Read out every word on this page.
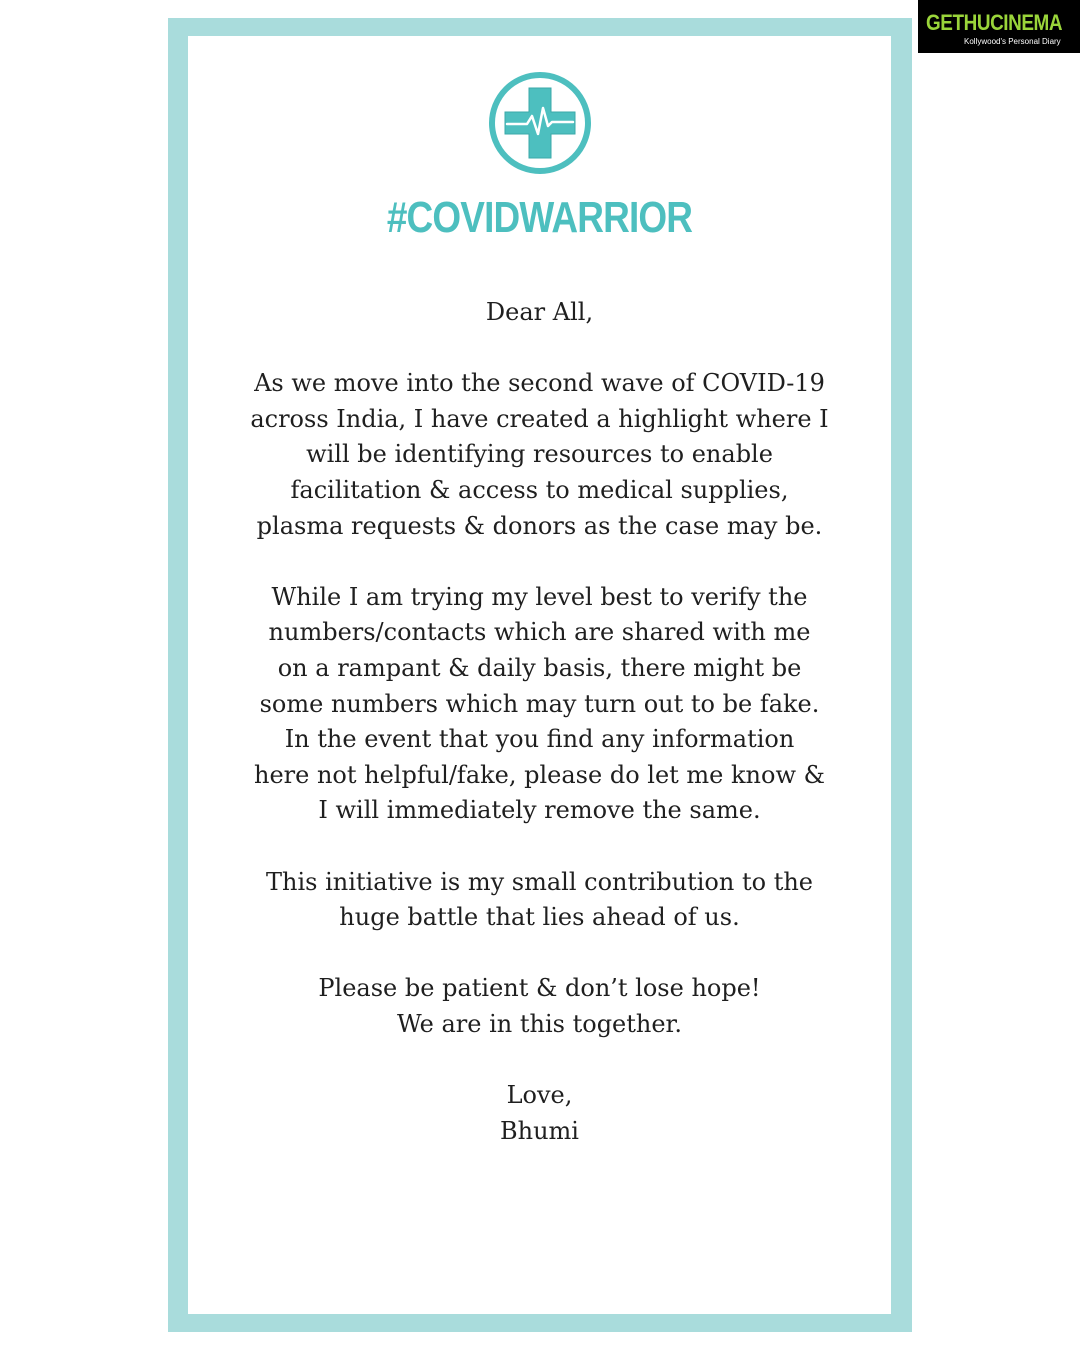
#COVIDWARRIOR

Dear All,

As we move into the second wave of COVID-19

across India, I have created a highlight where I

will be identifying resources to enable

facilitation & access to medical supplies,

plasma requests & donors as the case may be.

While I am trying my level best to verify the

numbers/contacts which are shared with me

on a rampant & daily basis, there might be

some numbers which may turn out to be fake.

In the event that you find any information

here not helpful/fake, please do let me know &

I will immediately remove the same.

This initiative is my small contribution to the

huge battle that lies ahead of us.

Please be patient & don’t lose hope!

We are in this together.

Love,

Bhumi

GETHUCINEMA
Kollywood's Personal Diary
